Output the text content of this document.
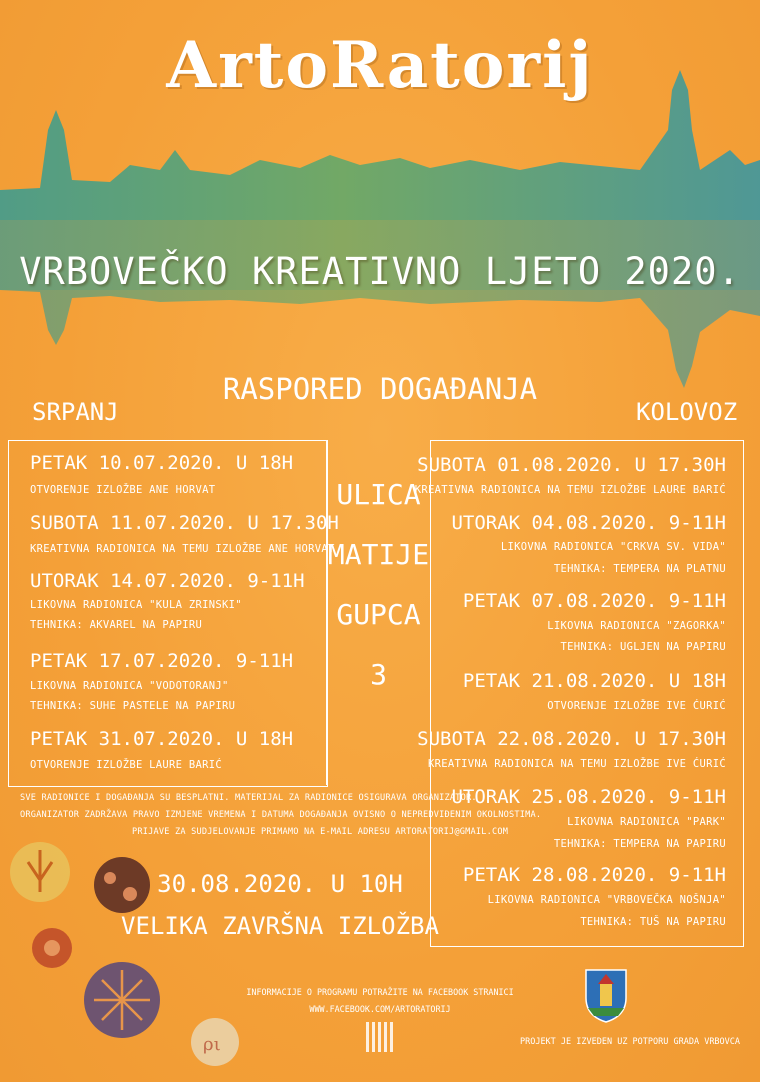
ArtoRatorij
VRBOVEČKO KREATIVNO LJETO 2020.
RASPORED DOGAĐANJA
SRPANJ	KOLOVOZ
ULICA
MATIJE
GUPCA
3
PETAK 10.07.2020. U 18H
OTVORENJE IZLOŽBE ANE HORVAT
SUBOTA 11.07.2020. U 17.30H
KREATIVNA RADIONICA NA TEMU IZLOŽBE ANE HORVAT
UTORAK 14.07.2020. 9-11H
LIKOVNA RADIONICA "KULA ZRINSKI"
TEHNIKA: AKVAREL NA PAPIRU
PETAK 17.07.2020. 9-11H
LIKOVNA RADIONICA "VODOTORANJ"
TEHNIKA: SUHE PASTELE NA PAPIRU
PETAK 31.07.2020. U 18H
OTVORENJE IZLOŽBE LAURE BARIĆ
SUBOTA 01.08.2020. U 17.30H
KREATIVNA RADIONICA NA TEMU IZLOŽBE LAURE BARIĆ
UTORAK 04.08.2020. 9-11H
LIKOVNA RADIONICA "CRKVA SV. VIDA"
TEHNIKA: TEMPERA NA PLATNU
PETAK 07.08.2020. 9-11H
LIKOVNA RADIONICA "ZAGORKA"
TEHNIKA: UGLJEN NA PAPIRU
PETAK 21.08.2020. U 18H
OTVORENJE IZLOŽBE IVE ĆURIĆ
SUBOTA 22.08.2020. U 17.30H
KREATIVNA RADIONICA NA TEMU IZLOŽBE IVE ĆURIĆ
UTORAK 25.08.2020. 9-11H
LIKOVNA RADIONICA "PARK"
TEHNIKA: TEMPERA NA PAPIRU
PETAK 28.08.2020. 9-11H
LIKOVNA RADIONICA "VRBOVEČKA NOŠNJA"
TEHNIKA: TUŠ NA PAPIRU
SVE RADIONICE I DOGAĐANJA SU BESPLATNI. MATERIJAL ZA RADIONICE OSIGURAVA ORGANIZATOR.
ORGANIZATOR ZADRŽAVA PRAVO IZMJENE VREMENA I DATUMA DOGAĐANJA OVISNO O NEPREDVIĐENIM OKOLNOSTIMA.
PRIJAVE ZA SUDJELOVANJE PRIMAMO NA E-MAIL ADRESU ARTORATORIJ@GMAIL.COM
ρι
30.08.2020. U 10H
VELIKA ZAVRŠNA IZLOŽBA
INFORMACIJE O PROGRAMU POTRAŽITE NA FACEBOOK STRANICI
WWW.FACEBOOK.COM/ARTORATORIJ
PROJEKT JE IZVEDEN UZ POTPORU GRADA VRBOVCA
